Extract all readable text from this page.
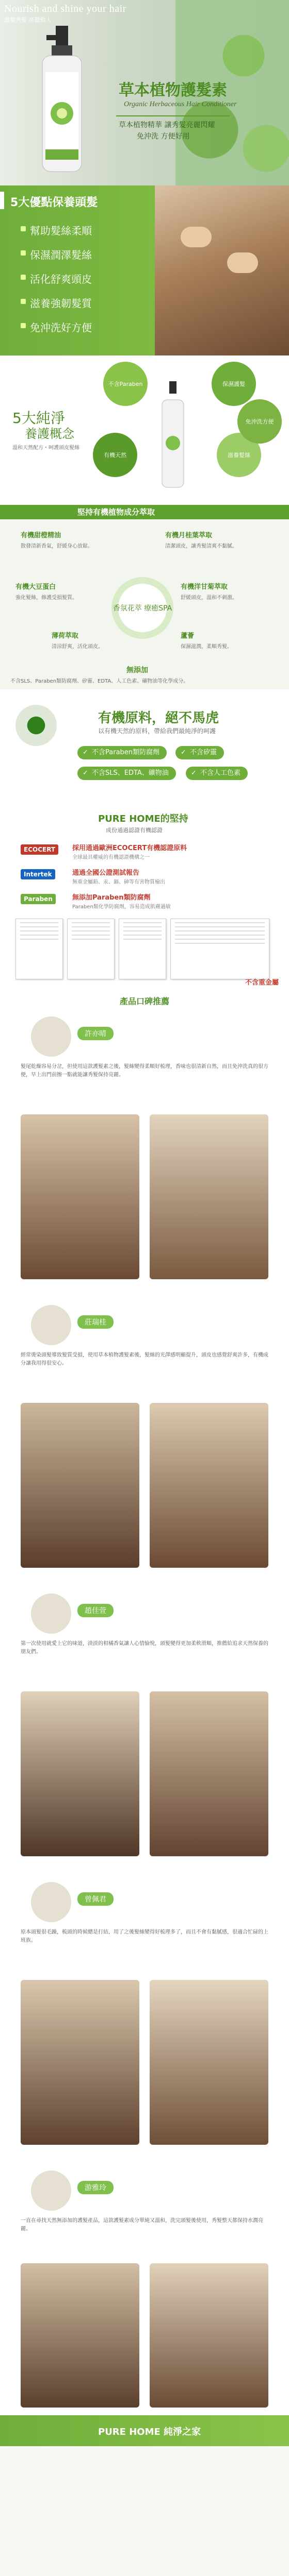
Nourish and shine your hair
滋養秀髮 亮麗動人
草本植物護髮素
Organic Herbaceous Hair Conditioner
草本植物精華 讓秀髮亮麗閃耀
免沖洗 方便好用
5大優點保養頭髮
幫助髮絲柔順
保濕潤澤髮絲
活化舒爽頭皮
滋養強韌髮質
免沖洗好方便
5大純淨
養護概念
溫和天然配方・呵護頭皮髮絲
不含Paraben	保濕護髮
有機天然	滋養髮絲
免沖洗方便
堅持有機植物成分萃取
有機甜橙精油
散發清新香氣，舒緩身心放鬆。
有機月桂葉萃取
清潔頭皮，讓秀髮清爽不黏膩。
有機大豆蛋白
強化髮絲，修護受損髮質。
有機洋甘菊萃取
舒緩頭皮，溫和不刺激。
薄荷萃取
清涼舒爽，活化頭皮。
蘆薈
保濕滋潤，柔順秀髮。
香氛花萃 療癒SPA
無添加
不含SLS、Paraben類防腐劑、矽靈、EDTA、人工色素、礦物油等化學成分。
有機原料，絕不馬虎
以有機天然的原料，帶給我們最純淨的呵護
✓ 不含Paraben類防腐劑	✓ 不含矽靈
✓ 不含SLS、EDTA、礦物油	✓ 不含人工色素
PURE HOME的堅持
成份通過認證有機認證
ECOCERT	採用通過歐洲ECOCERT有機認證原料
全球最具權威的有機認證機構之一
Intertek	通過全國公證測試報告
無重金屬鉛、汞、鎘、砷等有害物質檢出
Paraben	無添加Paraben類防腐劑
Paraben類化學防腐劑，容易造成肌膚過敏
不含重金屬
產品口碑推薦
許亦晴
髮尾乾燥容易分岔，但使用這款護髮素之後，髮絲變得柔順好梳理，香味也很清新自然，而且免沖洗真的很方便，早上出門前擦一點就能讓秀髮保持亮麗。
莊瑞桂
經常燙染頭髮導致髮質受損，使用草本植物護髮素後，髮絲的光澤感明顯提升，頭皮也感覺舒爽許多，有機成分讓我用得很安心。
趙佳萱
第一次使用就愛上它的味道，淡淡的柑橘香氣讓人心情愉悅，頭髮變得更加柔軟滑順，推薦給追求天然保養的朋友們。
曾佩君
原本頭髮很毛躁，梳頭的時候總是打結，用了之後髮絲變得好梳理多了，而且不會有黏膩感，很適合忙碌的上班族。
游雅玲
一直在尋找天然無添加的護髮產品，這款護髮素成分單純又溫和，洗完頭髮後使用，秀髮整天都保持水潤亮麗。
PURE HOME 純淨之家
